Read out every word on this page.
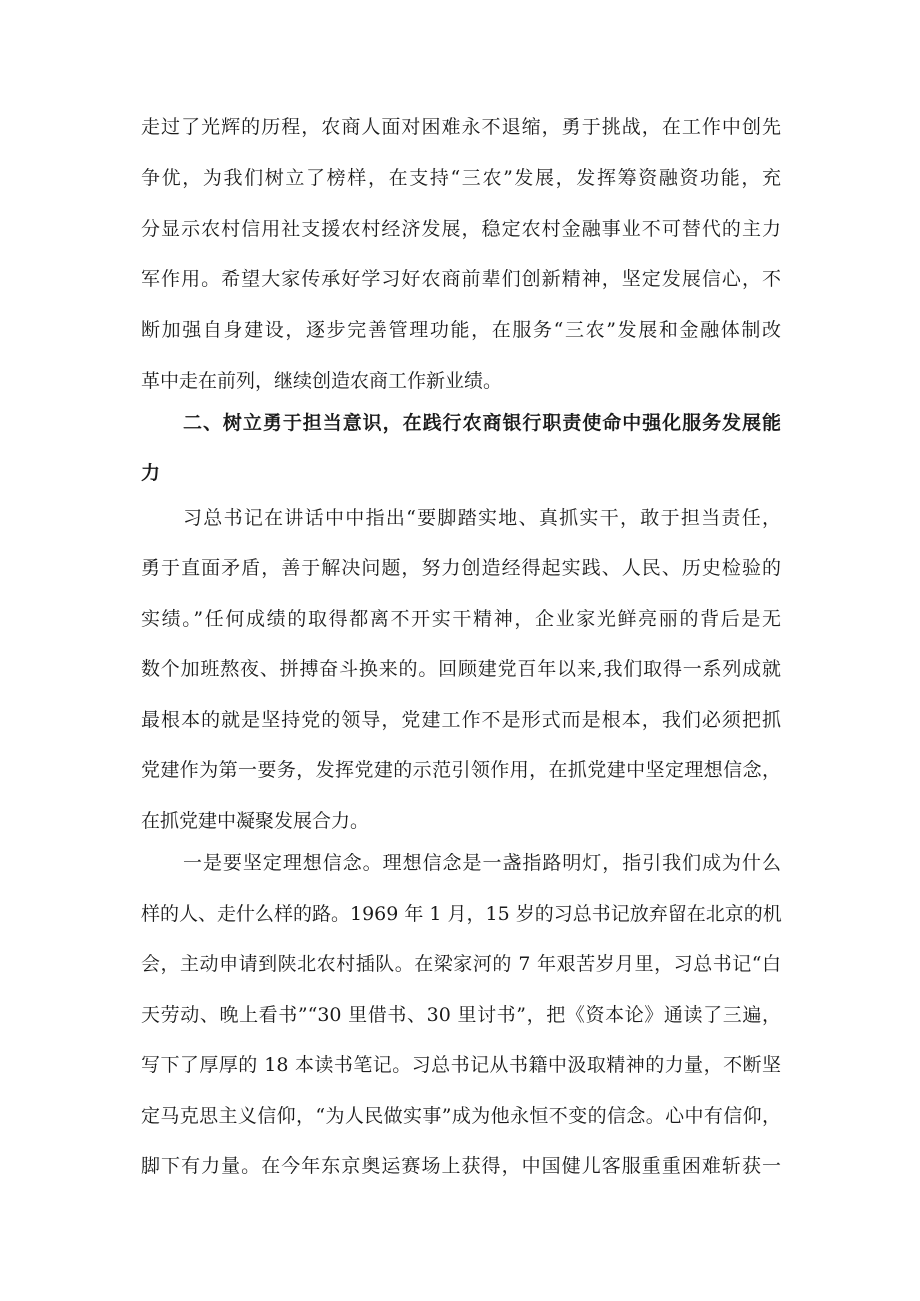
走过了光辉的历程，农商人面对困难永不退缩，勇于挑战，在工作中创先
争优，为我们树立了榜样，在支持“三农”发展，发挥筹资融资功能，充
分显示农村信用社支援农村经济发展，稳定农村金融事业不可替代的主力
军作用。希望大家传承好学习好农商前辈们创新精神，坚定发展信心，不
断加强自身建设，逐步完善管理功能，在服务“三农”发展和金融体制改
革中走在前列，继续创造农商工作新业绩。
二、树立勇于担当意识，在践行农商银行职责使命中强化服务发展能
力
习总书记在讲话中中指出“要脚踏实地、真抓实干，敢于担当责任，
勇于直面矛盾，善于解决问题，努力创造经得起实践、人民、历史检验的
实绩。”任何成绩的取得都离不开实干精神，企业家光鲜亮丽的背后是无
数个加班熬夜、拼搏奋斗换来的。回顾建党百年以来,我们取得一系列成就
最根本的就是坚持党的领导，党建工作不是形式而是根本，我们必须把抓
党建作为第一要务，发挥党建的示范引领作用，在抓党建中坚定理想信念，
在抓党建中凝聚发展合力。
一是要坚定理想信念。理想信念是一盏指路明灯，指引我们成为什么
样的人、走什么样的路。1969 年 1 月，15 岁的习总书记放弃留在北京的机
会，主动申请到陕北农村插队。在梁家河的 7 年艰苦岁月里，习总书记“白
天劳动、晚上看书”“30 里借书、30 里讨书”，把《资本论》通读了三遍，
写下了厚厚的 18 本读书笔记。习总书记从书籍中汲取精神的力量，不断坚
定马克思主义信仰，“为人民做实事”成为他永恒不变的信念。心中有信仰，
脚下有力量。在今年东京奥运赛场上获得，中国健儿客服重重困难斩获一
